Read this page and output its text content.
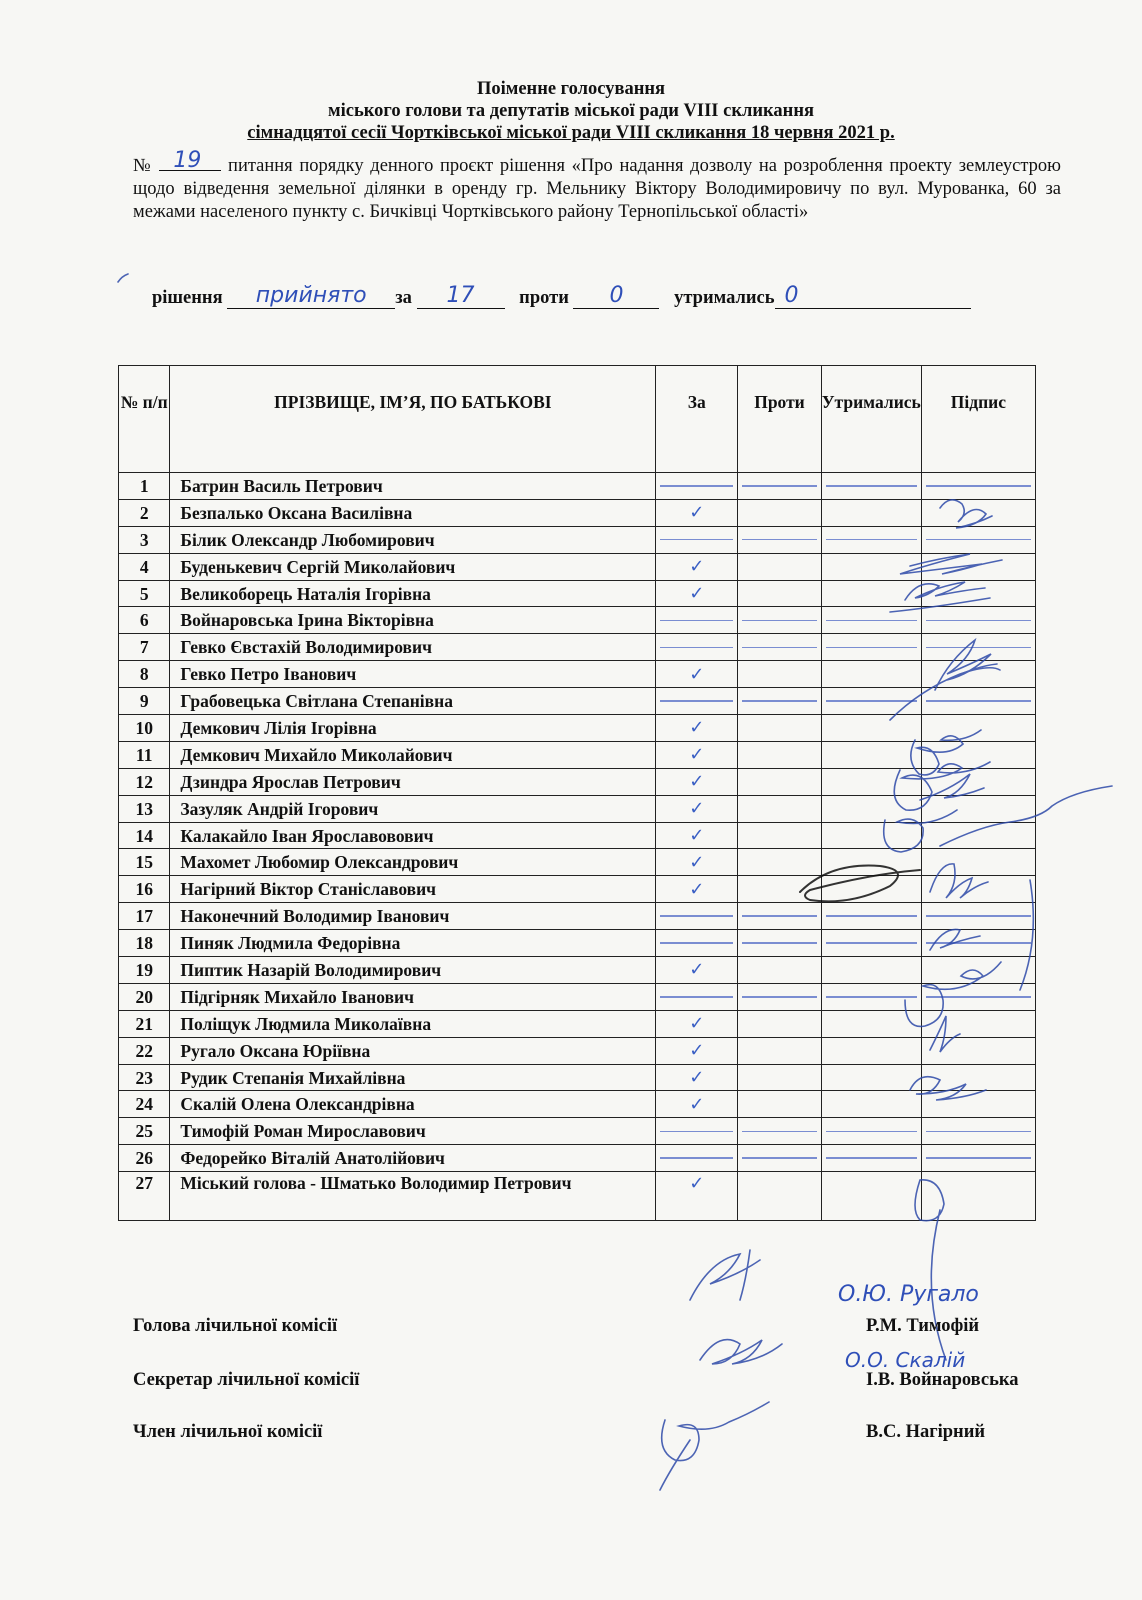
Поіменне голосування
міського голови та депутатів міської ради VIII скликання
сімнадцятої сесії Чортківської міської ради VIII скликання 18 червня 2021 р.
№ 19 питання порядку денного проєкт рішення «Про надання дозволу на розроблення проекту землеустрою щодо відведення земельної ділянки в оренду гр. Мельнику Віктору Володимировичу по вул. Мурованка, 60 за межами населеного пункту с. Бичківці Чортківського району Тернопільської області»
рішення	прийнято	за	17	проти	0	утримались 0
№ п/п	ПРІЗВИЩЕ, ІМ’Я, ПО БАТЬКОВІ	За	Проти	Утримались	Підпис
1	Батрин Василь Петрович	

2	Безпалько Оксана Василівна	✓			
3	Білик Олександр Любомирович	

4	Буденькевич Сергій Миколайович	✓			
5	Великоборець Наталія Ігорівна	✓			
6	Войнаровська Ірина Вікторівна	

7	Гевко Євстахій Володимирович	

8	Гевко Петро Іванович	✓			
9	Грабовецька Світлана Степанівна	

10	Демкович Лілія Ігорівна	✓			
11	Демкович Михайло Миколайович	✓			
12	Дзиндра Ярослав Петрович	✓			
13	Зазуляк Андрій Ігорович	✓			
14	Калакайло Іван Ярославовович	✓			
15	Махомет Любомир Олександрович	✓			
16	Нагірний Віктор Станіславович	✓			
17	Наконечний Володимир Іванович	

18	Пиняк Людмила Федорівна	

19	Пиптик Назарій Володимирович	✓			
20	Підгірняк Михайло Іванович	

21	Поліщук Людмила Миколаївна	✓			
22	Ругало Оксана Юріївна	✓			
23	Рудик Степанія Михайлівна	✓			
24	Скалій Олена Олександрівна	✓			
25	Тимофій Роман Мирославович	

26	Федорейко Віталій Анатолійович	

27	Міський голова - Шматько Володимир Петрович	✓			
Голова лічильної комісії
О.Ю. Ругало
Р.М. Тимофій
Секретар лічильної комісії
О.О. Скалій
І.В. Войнаровська
Член лічильної комісії	В.С. Нагірний
